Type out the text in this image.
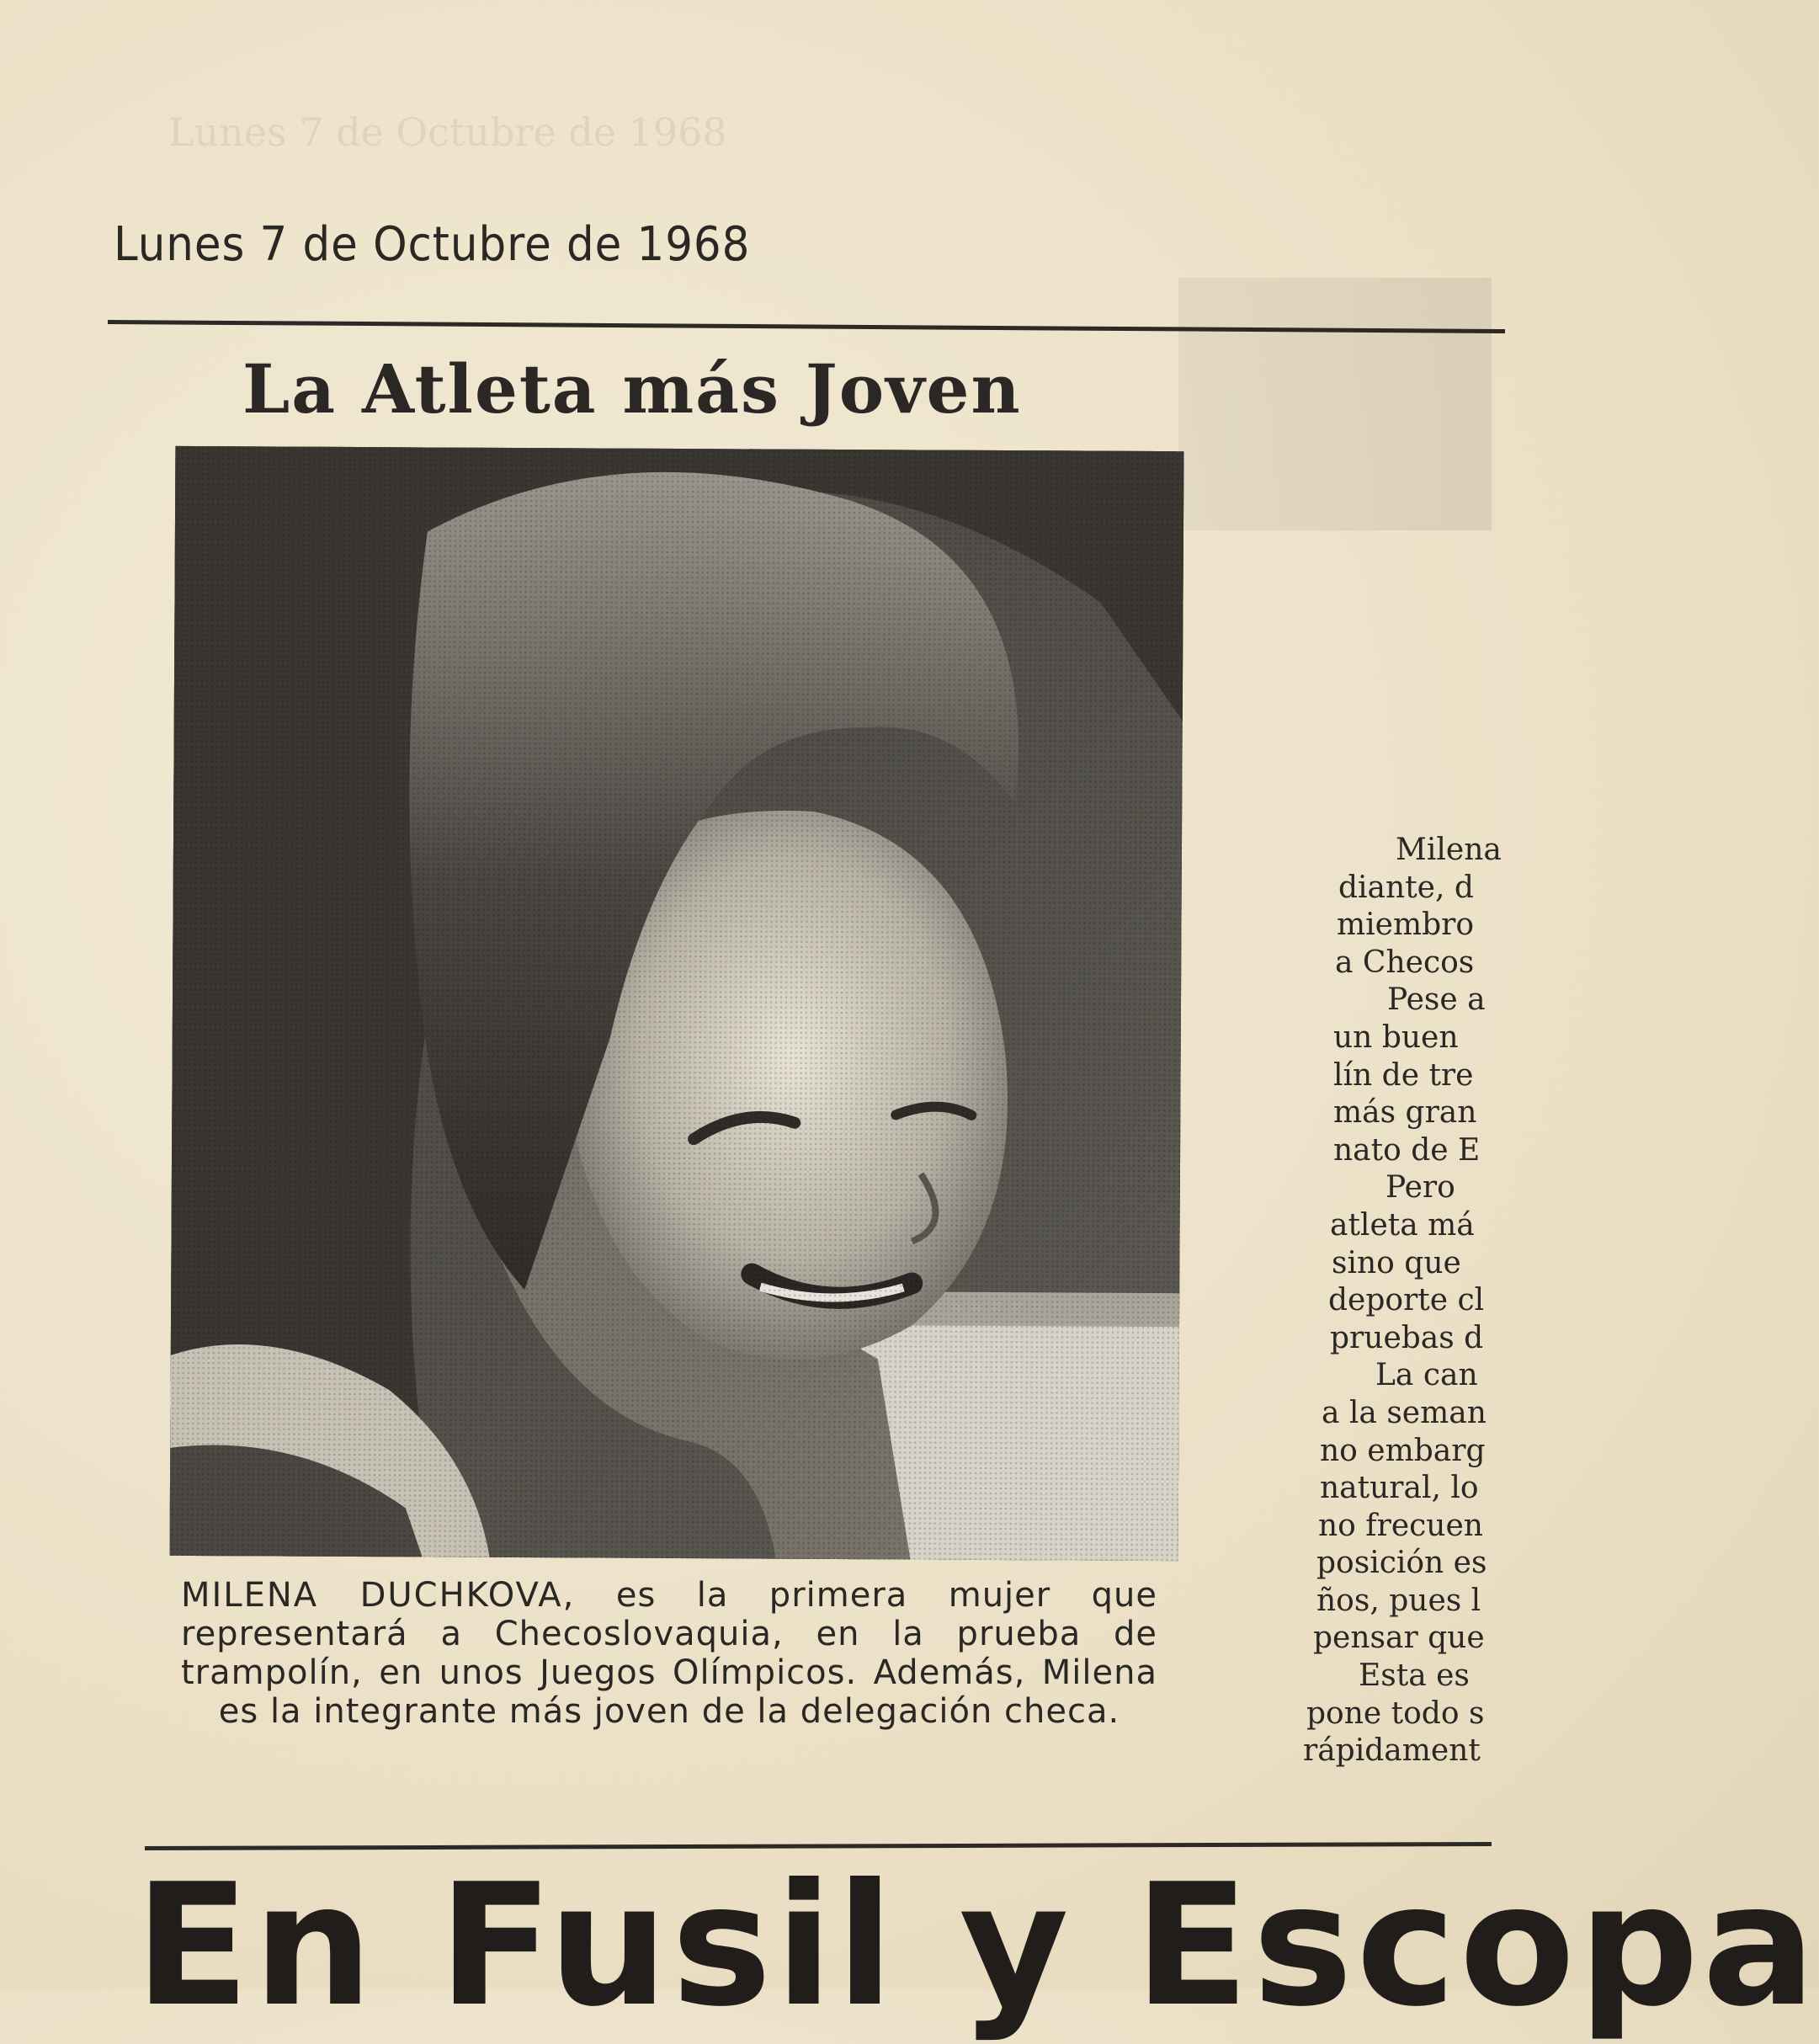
Lunes 7 de Octubre de 1968
Lunes 7 de Octubre de 1968
La Atleta más Joven
MILENA DUCHKOVA, es la primera mujer que representará a Checoslovaquia, en la prueba de trampolín, en unos Juegos Olímpicos. Además, Milena es la integrante más joven de la delegación checa.
Milena
diante, d
miembro
a Checos
Pese a
un buen
lín de tre
más gran
nato de E
Pero
atleta má
sino que
deporte cl
pruebas d
La can
a la seman
no embarg
natural, lo
no frecuen
posición es
ños, pues l
pensar que
Esta es
pone todo s
rápidament
En Fusil y Escopa
